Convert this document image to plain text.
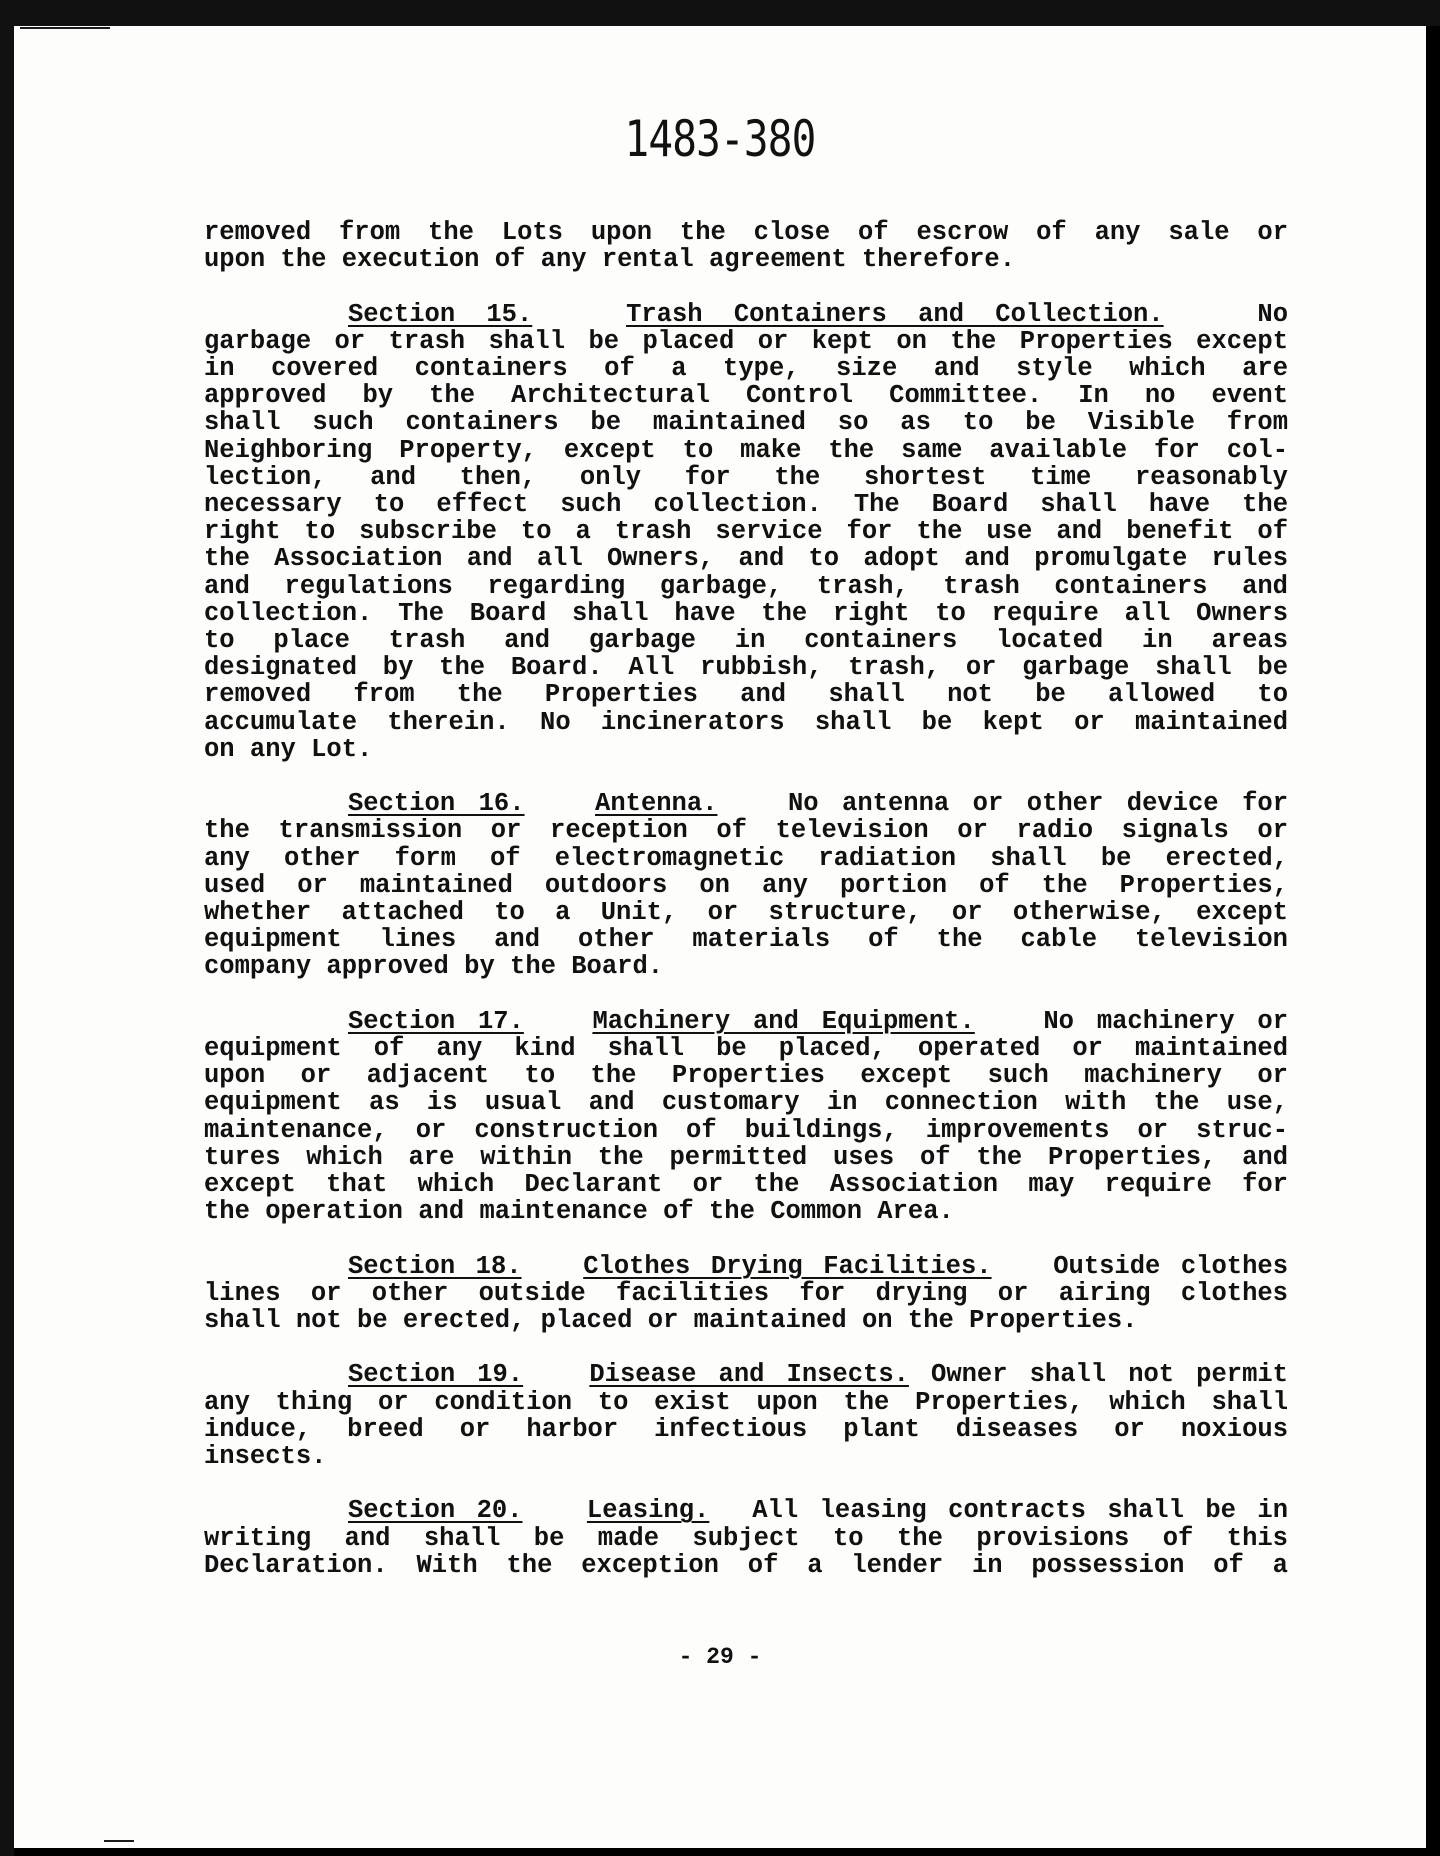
1483-380

removed from the Lots upon the close of escrow of any sale or
upon the execution of any rental agreement therefore.

Section 15.	Trash Containers and Collection.	No
garbage or trash shall be placed or kept on the Properties except
in covered containers of a type, size and style which are
approved by the Architectural Control Committee. In no event
shall such containers be maintained so as to be Visible from
Neighboring Property, except to make the same available for col-
lection, and then, only for the shortest time reasonably
necessary to effect such collection. The Board shall have the
right to subscribe to a trash service for the use and benefit of
the Association and all Owners, and to adopt and promulgate rules
and regulations regarding garbage, trash, trash containers and
collection. The Board shall have the right to require all Owners
to place trash and garbage in containers located in areas
designated by the Board. All rubbish, trash, or garbage shall be
removed from the Properties and shall not be allowed to
accumulate therein. No incinerators shall be kept or maintained
on any Lot.

Section 16.	Antenna.	No antenna or other device for
the transmission or reception of television or radio signals or
any other form of electromagnetic radiation shall be erected,
used or maintained outdoors on any portion of the Properties,
whether attached to a Unit, or structure, or otherwise, except
equipment lines and other materials of the cable television
company approved by the Board.

Section 17.	Machinery and Equipment.	No machinery or
equipment of any kind shall be placed, operated or maintained
upon or adjacent to the Properties except such machinery or
equipment as is usual and customary in connection with the use,
maintenance, or construction of buildings, improvements or struc-
tures which are within the permitted uses of the Properties, and
except that which Declarant or the Association may require for
the operation and maintenance of the Common Area.

Section 18. Clothes Drying Facilities. Outside clothes
lines or other outside facilities for drying or airing clothes
shall not be erected, placed or maintained on the Properties.

Section 19.	Disease and Insects. Owner shall not permit
any thing or condition to exist upon the Properties, which shall
induce, breed or harbor infectious plant diseases or noxious
insects.

Section 20.	Leasing. All leasing contracts shall be in
writing and shall be made subject to the provisions of this
Declaration. With the exception of a lender in possession of a

- 29 -
